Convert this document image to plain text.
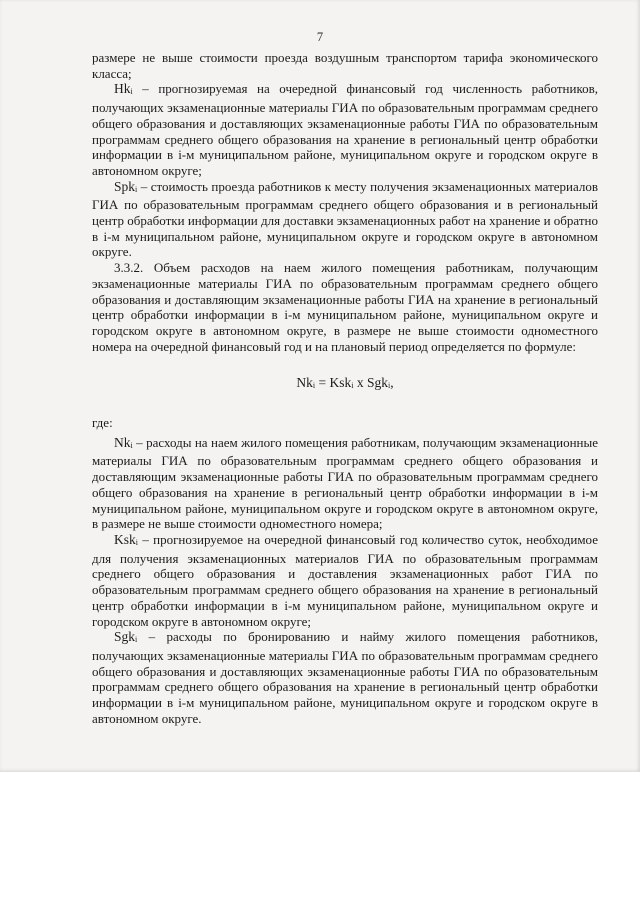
7

размере не выше стоимости проезда воздушным транспортом тарифа экономического класса;

Hki – прогнозируемая на очередной финансовый год численность работников, получающих экзаменационные материалы ГИА по образовательным программам среднего общего образования и доставляющих экзаменационные работы ГИА по образовательным программам среднего общего образования на хранение в региональный центр обработки информации в i-м муниципальном районе, муниципальном округе и городском округе в автономном округе;

Spki – стоимость проезда работников к месту получения экзаменационных материалов ГИА по образовательным программам среднего общего образования и в региональный центр обработки информации для доставки экзаменационных работ на хранение и обратно в i-м муниципальном районе, муниципальном округе и городском округе в автономном округе.

3.3.2. Объем расходов на наем жилого помещения работникам, получающим экзаменационные материалы ГИА по образовательным программам среднего общего образования и доставляющим экзаменационные работы ГИА на хранение в региональный центр обработки информации в i-м муниципальном районе, муниципальном округе и городском округе в автономном округе, в размере не выше стоимости одноместного номера на очередной финансовый год и на плановый период определяется по формуле:

Nki = Kski x Sgki,

где:

Nki – расходы на наем жилого помещения работникам, получающим экзаменационные материалы ГИА по образовательным программам среднего общего образования и доставляющим экзаменационные работы ГИА по образовательным программам среднего общего образования на хранение в региональный центр обработки информации в i-м муниципальном районе, муниципальном округе и городском округе в автономном округе, в размере не выше стоимости одноместного номера;

Kski – прогнозируемое на очередной финансовый год количество суток, необходимое для получения экзаменационных материалов ГИА по образовательным программам среднего общего образования и доставления экзаменационных работ ГИА по образовательным программам среднего общего образования на хранение в региональный центр обработки информации в i-м муниципальном районе, муниципальном округе и городском округе в автономном округе;

Sgki – расходы по бронированию и найму жилого помещения работников, получающих экзаменационные материалы ГИА по образовательным программам среднего общего образования и доставляющих экзаменационные работы ГИА по образовательным программам среднего общего образования на хранение в региональный центр обработки информации в i-м муниципальном районе, муниципальном округе и городском округе в автономном округе.
